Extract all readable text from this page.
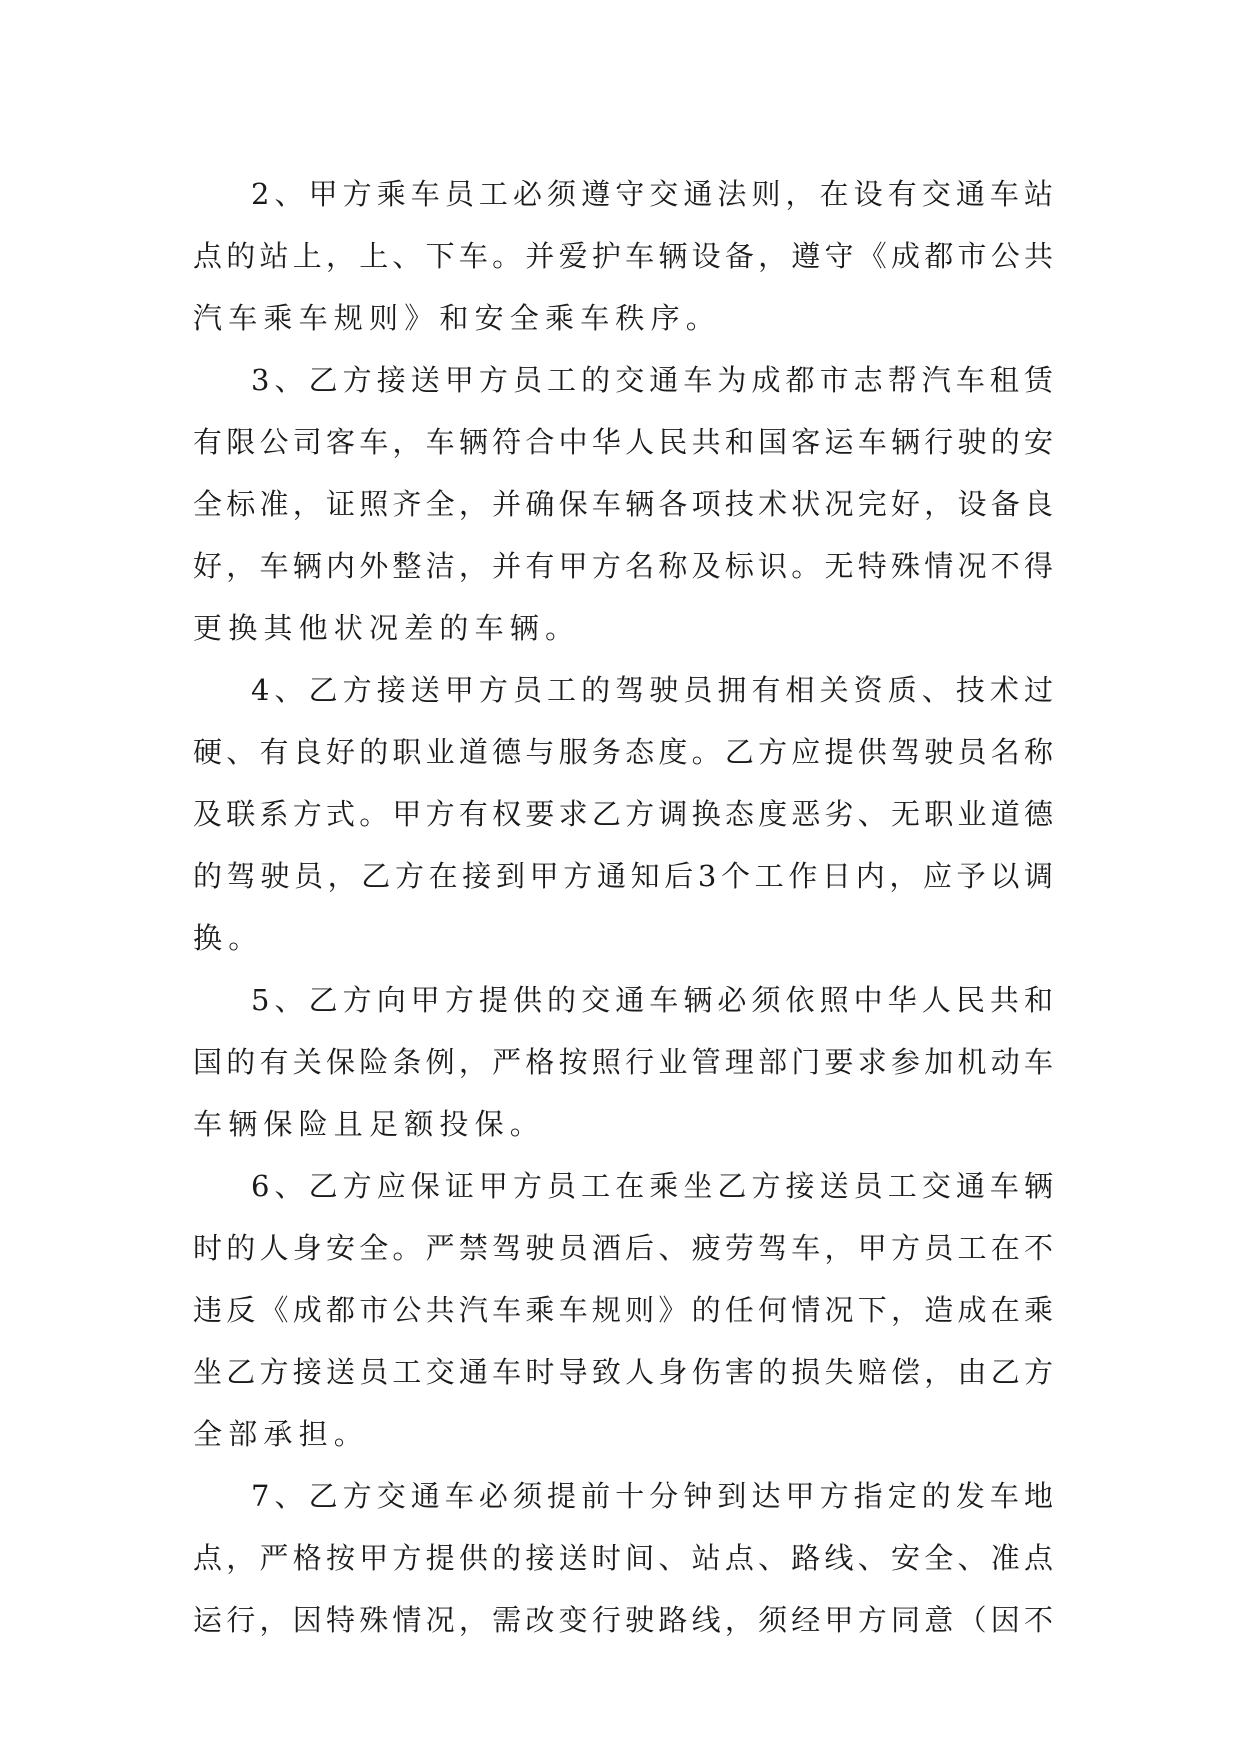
2、甲方乘车员工必须遵守交通法则，在设有交通车站
点的站上，上、下车。并爱护车辆设备，遵守《成都市公共
汽车乘车规则》和安全乘车秩序。
3、乙方接送甲方员工的交通车为成都市志帮汽车租赁
有限公司客车，车辆符合中华人民共和国客运车辆行驶的安
全标准，证照齐全，并确保车辆各项技术状况完好，设备良
好，车辆内外整洁，并有甲方名称及标识。无特殊情况不得
更换其他状况差的车辆。
4、乙方接送甲方员工的驾驶员拥有相关资质、技术过
硬、有良好的职业道德与服务态度。乙方应提供驾驶员名称
及联系方式。甲方有权要求乙方调换态度恶劣、无职业道德
的驾驶员，乙方在接到甲方通知后3个工作日内，应予以调
换。
5、乙方向甲方提供的交通车辆必须依照中华人民共和
国的有关保险条例，严格按照行业管理部门要求参加机动车
车辆保险且足额投保。
6、乙方应保证甲方员工在乘坐乙方接送员工交通车辆
时的人身安全。严禁驾驶员酒后、疲劳驾车，甲方员工在不
违反《成都市公共汽车乘车规则》的任何情况下，造成在乘
坐乙方接送员工交通车时导致人身伤害的损失赔偿，由乙方
全部承担。
7、乙方交通车必须提前十分钟到达甲方指定的发车地
点，严格按甲方提供的接送时间、站点、路线、安全、准点
运行，因特殊情况，需改变行驶路线，须经甲方同意（因不
